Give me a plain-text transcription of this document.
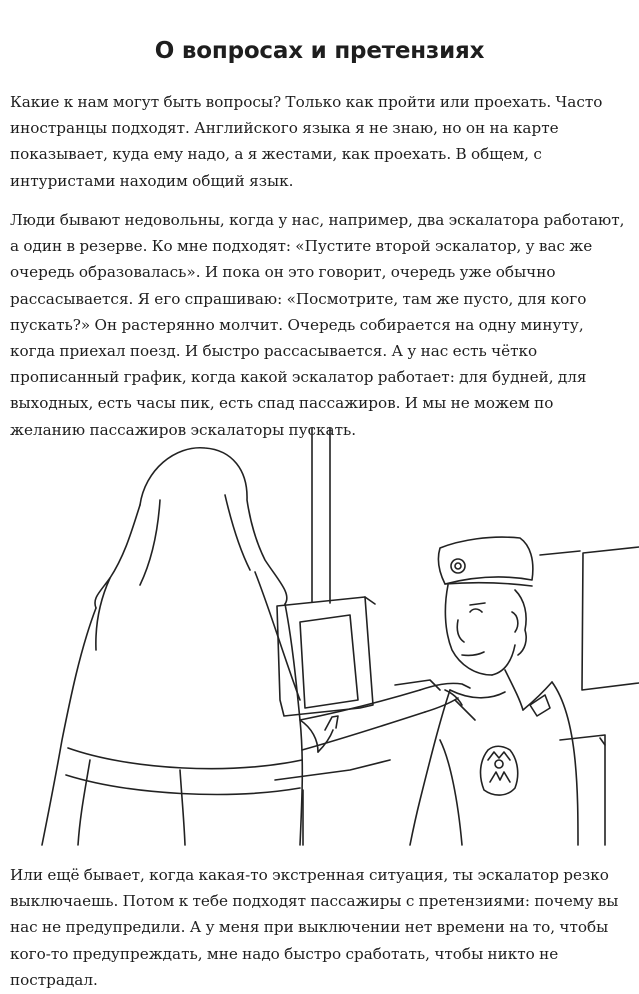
О вопросах и претензиях

Какие к нам могут быть вопросы? Только как пройти или проехать. Часто иностранцы подходят. Английского языка я не знаю, но он на карте показывает, куда ему надо, а я жестами, как проехать. В общем, с интуристами находим общий язык.

Люди бывают недовольны, когда у нас, например, два эскалатора работают, а один в резерве. Ко мне подходят: «Пустите второй эскалатор, у вас же очередь образовалась». И пока он это говорит, очередь уже обычно рассасывается. Я его спрашиваю: «Посмотрите, там же пусто, для кого пускать?» Он растерянно молчит. Очередь собирается на одну минуту, когда приехал поезд. И быстро рассасывается. А у нас есть чётко прописанный график, когда какой эскалатор работает: для будней, для выходных, есть часы пик, есть спад пассажиров. И мы не можем по желанию пассажиров эскалаторы пускать.

Или ещё бывает, когда какая-то экстренная ситуация, ты эскалатор резко выключаешь. Потом к тебе подходят пассажиры с претензиями: почему вы нас не предупредили. А у меня при выключении нет времени на то, чтобы кого-то предупреждать, мне надо быстро сработать, чтобы никто не пострадал.
